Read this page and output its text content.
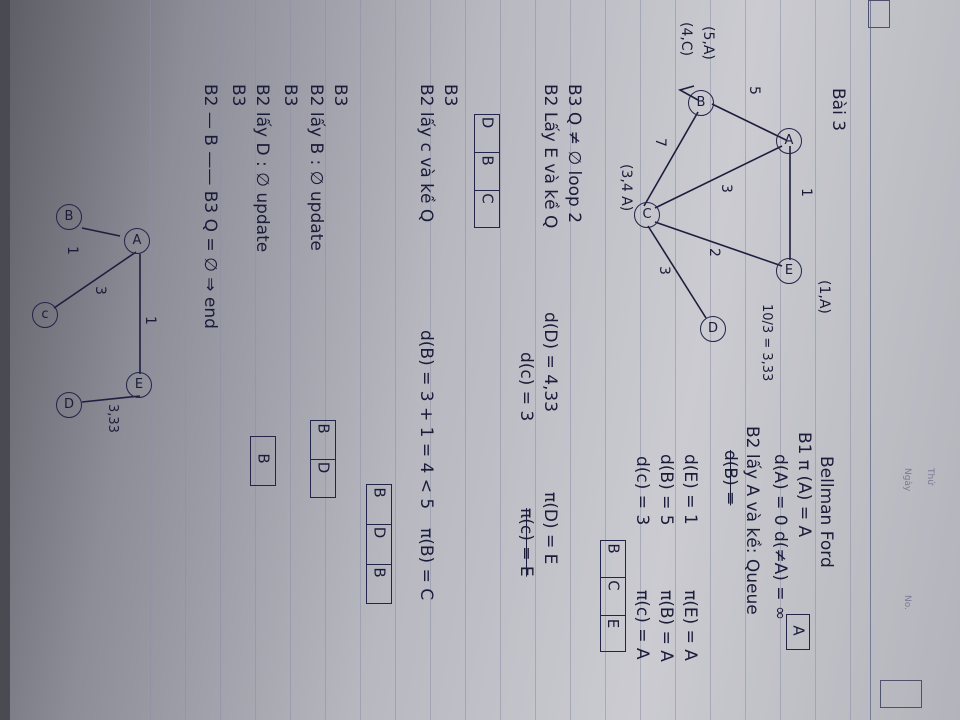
Thứ
Ngày
No.
Bài 3
B
A
C
E
D
5
7
1
3
2
3
(5,A)
(4,C)
(3,4 A)
(1,A)
10/3 = 3,33
Bellman Ford
B1 π (A) = A
A
d(A) = 0 d(≠A) = ∞
B2 lấy A và kề: Queue
d(B) =
d(E) = 1
d(B) = 5
d(c) = 3
π(E) = A
π(B) = A
π(c) = A
B
C
E
B3 Q ≠ ∅ loop 2
B2 Lấy E và kề Q
d(D) = 4,33
π(D) = E
d(c) = 3
π(c) = E
D
B
C
B3
B2 lấy c và kề Q
d(B) = 3 + 1 = 4 < 5
π(B) = C
B
D
B
B3
B2 lấy B : ∅ update
B3
B2 lấy D : ∅ update
B3
B2 — B —— B3 Q = ∅ ⇒ end
B
D
B
B
A
c
E
D
1
3
1
3,33
